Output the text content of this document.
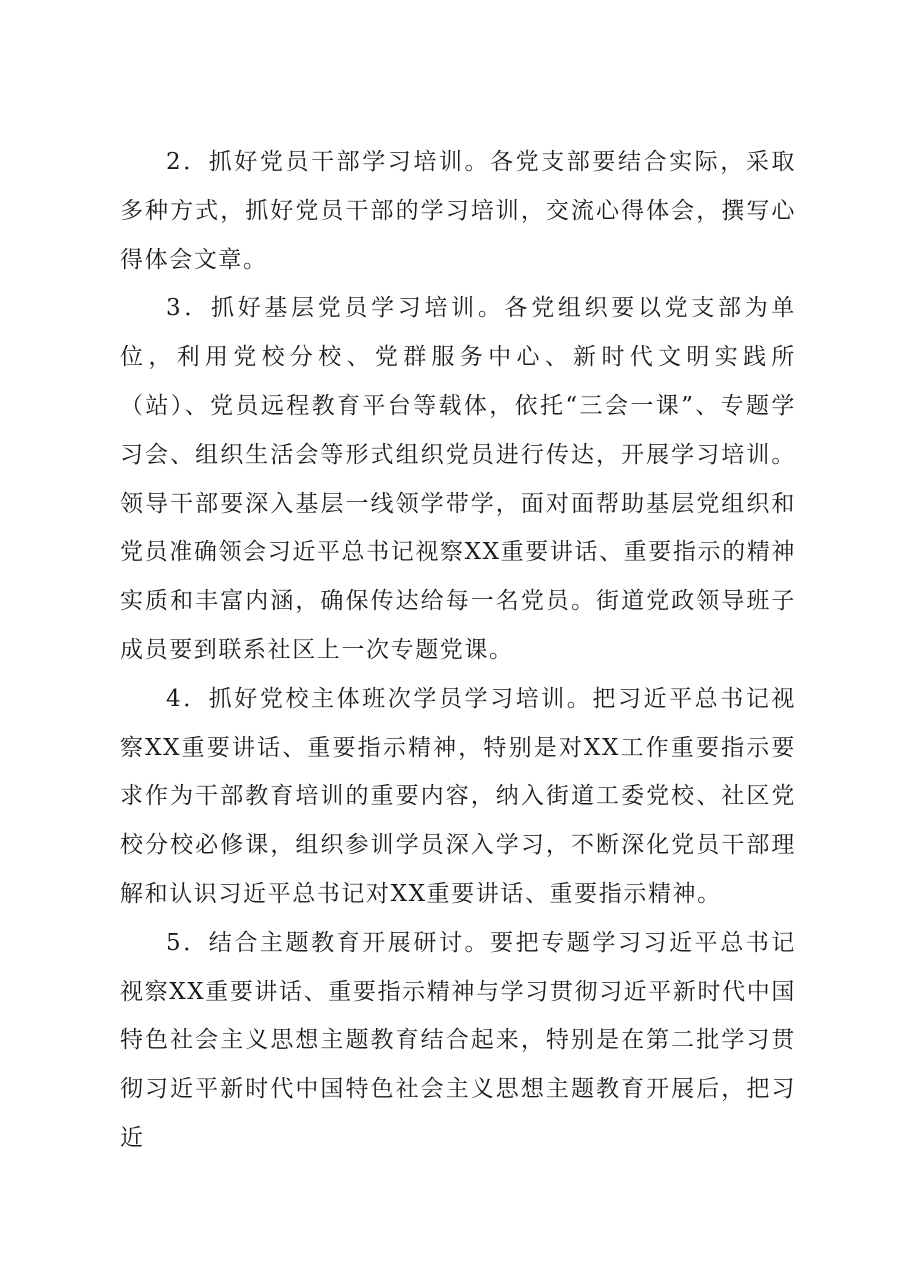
2．抓好党员干部学习培训。各党支部要结合实际，采取多种方式，抓好党员干部的学习培训，交流心得体会，撰写心得体会文章。

3．抓好基层党员学习培训。各党组织要以党支部为单位，利用党校分校、党群服务中心、新时代文明实践所（站）、党员远程教育平台等载体，依托“三会一课”、专题学习会、组织生活会等形式组织党员进行传达，开展学习培训。领导干部要深入基层一线领学带学，面对面帮助基层党组织和党员准确领会习近平总书记视察XX重要讲话、重要指示的精神实质和丰富内涵，确保传达给每一名党员。街道党政领导班子成员要到联系社区上一次专题党课。

4．抓好党校主体班次学员学习培训。把习近平总书记视察XX重要讲话、重要指示精神，特别是对XX工作重要指示要求作为干部教育培训的重要内容，纳入街道工委党校、社区党校分校必修课，组织参训学员深入学习，不断深化党员干部理解和认识习近平总书记对XX重要讲话、重要指示精神。

5．结合主题教育开展研讨。要把专题学习习近平总书记视察XX重要讲话、重要指示精神与学习贯彻习近平新时代中国特色社会主义思想主题教育结合起来，特别是在第二批学习贯彻习近平新时代中国特色社会主义思想主题教育开展后，把习近
